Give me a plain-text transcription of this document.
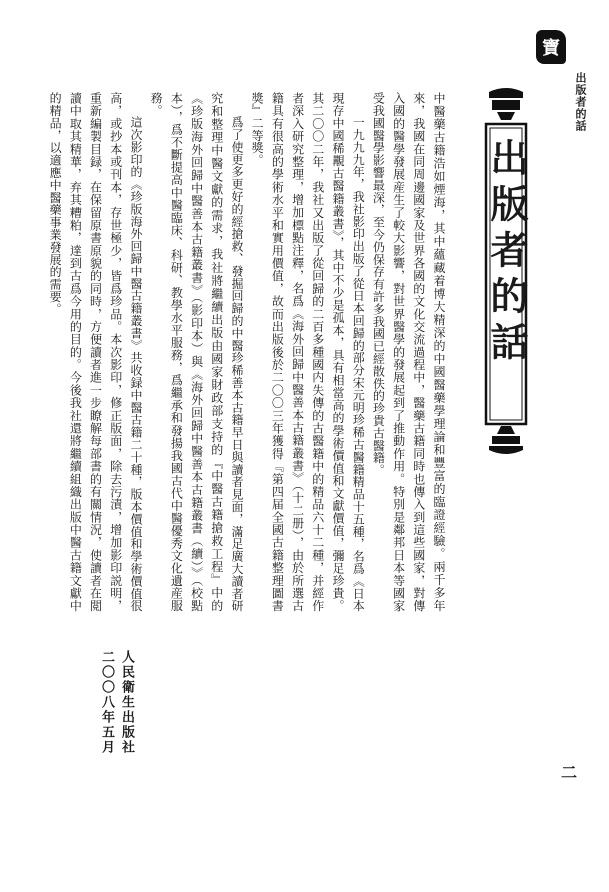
寶
出版者的話
出版者的話

中醫藥古籍浩如煙海，其中蘊藏着博大精深的中國醫藥學理論和豐富的臨證經驗。兩千多年來，我國在同周邊國家及世界各國的文化交流過程中，醫藥古籍同時也傳入到這些國家，對傳入國的醫學發展産生了較大影響，對世界醫學的發展起到了推動作用。特別是鄰邦日本等國家受我國醫學影響最深，至今仍保存有許多我國已經散佚的珍貴古醫籍。

一九九九年，我社影印出版了從日本回歸的部分宋元明珍稀古醫籍精品十五種，名爲《日本現存中國稀覯古醫籍叢書》，其中不少是孤本，具有相當高的學術價值和文獻價值，彌足珍貴。其二〇〇二年，我社又出版了從回歸的二百多種國内失傳的古醫籍中的精品六十二種，并經作者深入研究整理，增加標點注釋，名爲《海外回歸中醫善本古籍叢書》（十二册），由於所選古籍具有很高的學術水平和實用價值，故而出版後於二〇〇三年獲得『第四届全國古籍整理圖書獎』二等獎。

爲了使更多更好的經搶救、發掘回歸的中醫珍稀善本古籍早日與讀者見面，滿足廣大讀者研究和整理中醫文獻的需求，我社將繼續出版由國家財政部支持的『中醫古籍搶救工程』中的《珍版海外回歸中醫善本古籍叢書》（影印本）與《海外回歸中醫善本古籍叢書（續）》（校點本），爲不斷提高中醫臨床、科研、教學水平服務，爲繼承和發揚我國古代中醫優秀文化遺産服務。

這次影印的《珍版海外回歸中醫古籍叢書》共收録中醫古籍二十種，版本價值和學術價值很高，或抄本或刊本，存世極少，皆爲珍品。本次影印，修正版面，除去污漬，增加影印説明，重新編製目録，在保留原書原貌的同時，方便讀者進一步瞭解每部書的有關情況，使讀者在閲讀中取其精華，弃其糟粕，達到古爲今用的目的。今後我社還將繼續組織出版中醫古籍文獻中的精品，以適應中醫藥事業發展的需要。

人民衛生出版社
二〇〇八年五月
二
